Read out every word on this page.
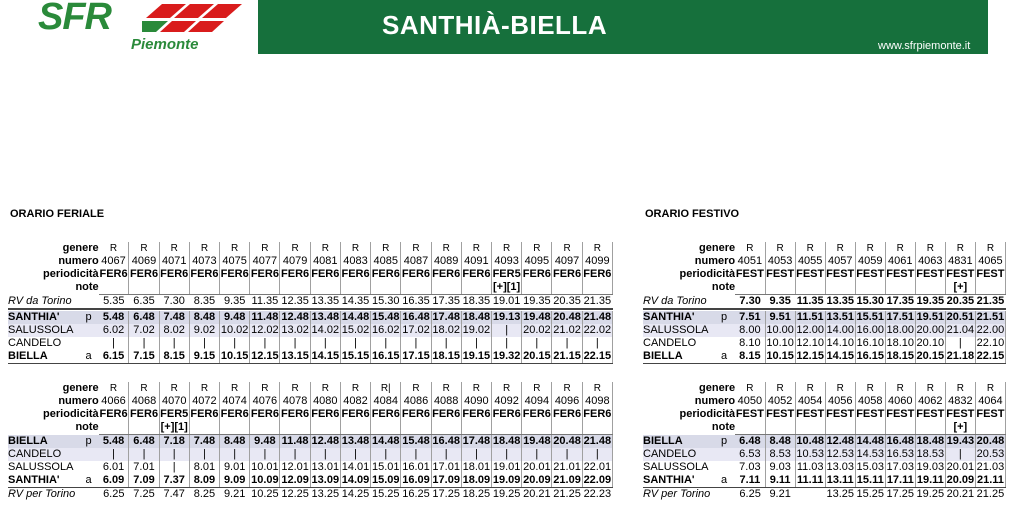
SFR
Piemonte
SANTHIÀ-BIELLA
www.sfrpiemonte.it
ORARIO FERIALE	ORARIO FESTIVO
genere		R	R	R	R	R	R	R	R	R	R	R	R	R	R	R	R	R
numero		4067	4069	4071	4073	4075	4077	4079	4081	4083	4085	4087	4089	4091	4093	4095	4097	4099
periodicità		FER6	FER6	FER6	FER6	FER6	FER6	FER6	FER6	FER6	FER6	FER6	FER6	FER6	FER5	FER6	FER6	FER6
note															[+][1]			
RV da Torino		5.35	6.35	7.30	8.35	9.35	11.35	12.35	13.35	14.35	15.30	16.35	17.35	18.35	19.01	19.35	20.35	21.35

SANTHIA'	p	5.48	6.48	7.48	8.48	9.48	11.48	12.48	13.48	14.48	15.48	16.48	17.48	18.48	19.13	19.48	20.48	21.48
SALUSSOLA		6.02	7.02	8.02	9.02	10.02	12.02	13.02	14.02	15.02	16.02	17.02	18.02	19.02	|	20.02	21.02	22.02
CANDELO		|	|	|	|	|	|	|	|	|	|	|	|	|	|	|	|	|
BIELLA	a	6.15	7.15	8.15	9.15	10.15	12.15	13.15	14.15	15.15	16.15	17.15	18.15	19.15	19.32	20.15	21.15	22.15
genere		R	R	R	R	R	R	R	R	R	R|	R	R	R	R	R	R	R
numero		4066	4068	4070	4072	4074	4076	4078	4080	4082	4084	4086	4088	4090	4092	4094	4096	4098
periodicità		FER6	FER6	FER5	FER6	FER6	FER6	FER6	FER6	FER6	FER6	FER6	FER6	FER6	FER6	FER6	FER6	FER6
note				[+][1]														
BIELLA	p	5.48	6.48	7.18	7.48	8.48	9.48	11.48	12.48	13.48	14.48	15.48	16.48	17.48	18.48	19.48	20.48	21.48
CANDELO		|	|	|	|	|	|	|	|	|	|	|	|	|	|	|	|	|
SALUSSOLA		6.01	7.01	|	8.01	9.01	10.01	12.01	13.01	14.01	15.01	16.01	17.01	18.01	19.01	20.01	21.01	22.01
SANTHIA'	a	6.09	7.09	7.37	8.09	9.09	10.09	12.09	13.09	14.09	15.09	16.09	17.09	18.09	19.09	20.09	21.09	22.09
RV per Torino		6.25	7.25	7.47	8.25	9.21	10.25	12.25	13.25	14.25	15.25	16.25	17.25	18.25	19.25	20.21	21.25	22.23
genere		R	R	R	R	R	R	R	R	R
numero		4051	4053	4055	4057	4059	4061	4063	4831	4065
periodicità		FEST	FEST	FEST	FEST	FEST	FEST	FEST	FEST	FEST
note									[+]	
RV da Torino		7.30	9.35	11.35	13.35	15.30	17.35	19.35	20.35	21.35

SANTHIA'	p	7.51	9.51	11.51	13.51	15.51	17.51	19.51	20.51	21.51
SALUSSOLA		8.00	10.00	12.00	14.00	16.00	18.00	20.00	21.04	22.00
CANDELO		8.10	10.10	12.10	14.10	16.10	18.10	20.10	|	22.10
BIELLA	a	8.15	10.15	12.15	14.15	16.15	18.15	20.15	21.18	22.15
genere		R	R	R	R	R	R	R	R	R
numero		4050	4052	4054	4056	4058	4060	4062	4832	4064
periodicità		FEST	FEST	FEST	FEST	FEST	FEST	FEST	FEST	FEST
note									[+]	
BIELLA	p	6.48	8.48	10.48	12.48	14.48	16.48	18.48	19.43	20.48
CANDELO		6.53	8.53	10.53	12.53	14.53	16.53	18.53	|	20.53
SALUSSOLA		7.03	9.03	11.03	13.03	15.03	17.03	19.03	20.01	21.03
SANTHIA'	a	7.11	9.11	11.11	13.11	15.11	17.11	19.11	20.09	21.11
RV per Torino		6.25	9.21		13.25	15.25	17.25	19.25	20.21	21.25
